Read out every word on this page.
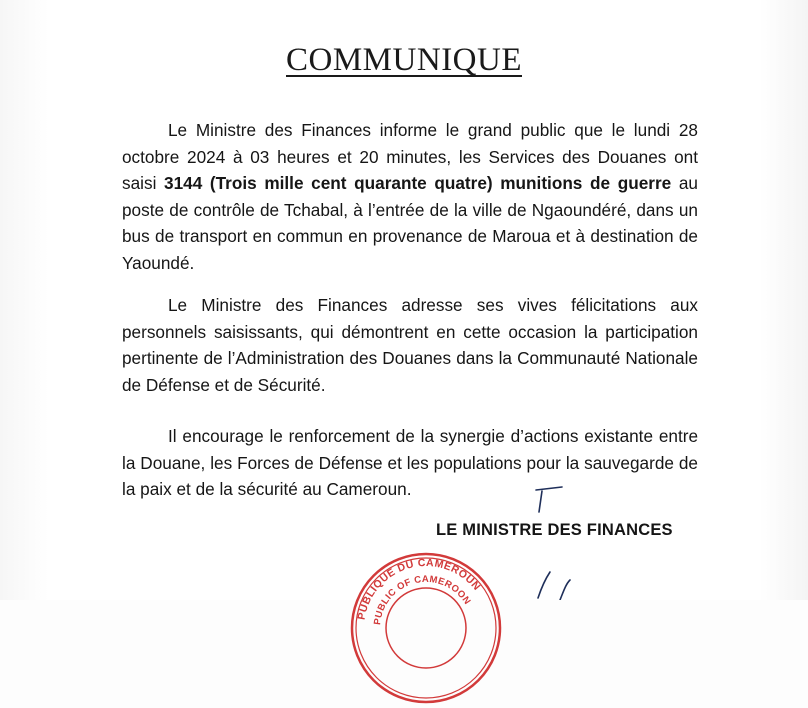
COMMUNIQUE

Le Ministre des Finances informe le grand public que le lundi 28 octobre 2024 à 03 heures et 20 minutes, les Services des Douanes ont saisi 3144 (Trois mille cent quarante quatre) munitions de guerre au poste de contrôle de Tchabal, à l’entrée de la ville de Ngaoundéré, dans un bus de transport en commun en provenance de Maroua et à destination de Yaoundé.

Le Ministre des Finances adresse ses vives félicitations aux personnels saisissants, qui démontrent en cette occasion la participation pertinente de l’Administration des Douanes dans la Communauté Nationale de Défense et de Sécurité.

Il encourage le renforcement de la synergie d’actions existante entre la Douane, les Forces de Défense et les populations pour la sauvegarde de la paix et de la sécurité au Cameroun.

LE MINISTRE DES FINANCES
PUBLIQUE DU CAMEROUN
PUBLIC OF CAMEROON
